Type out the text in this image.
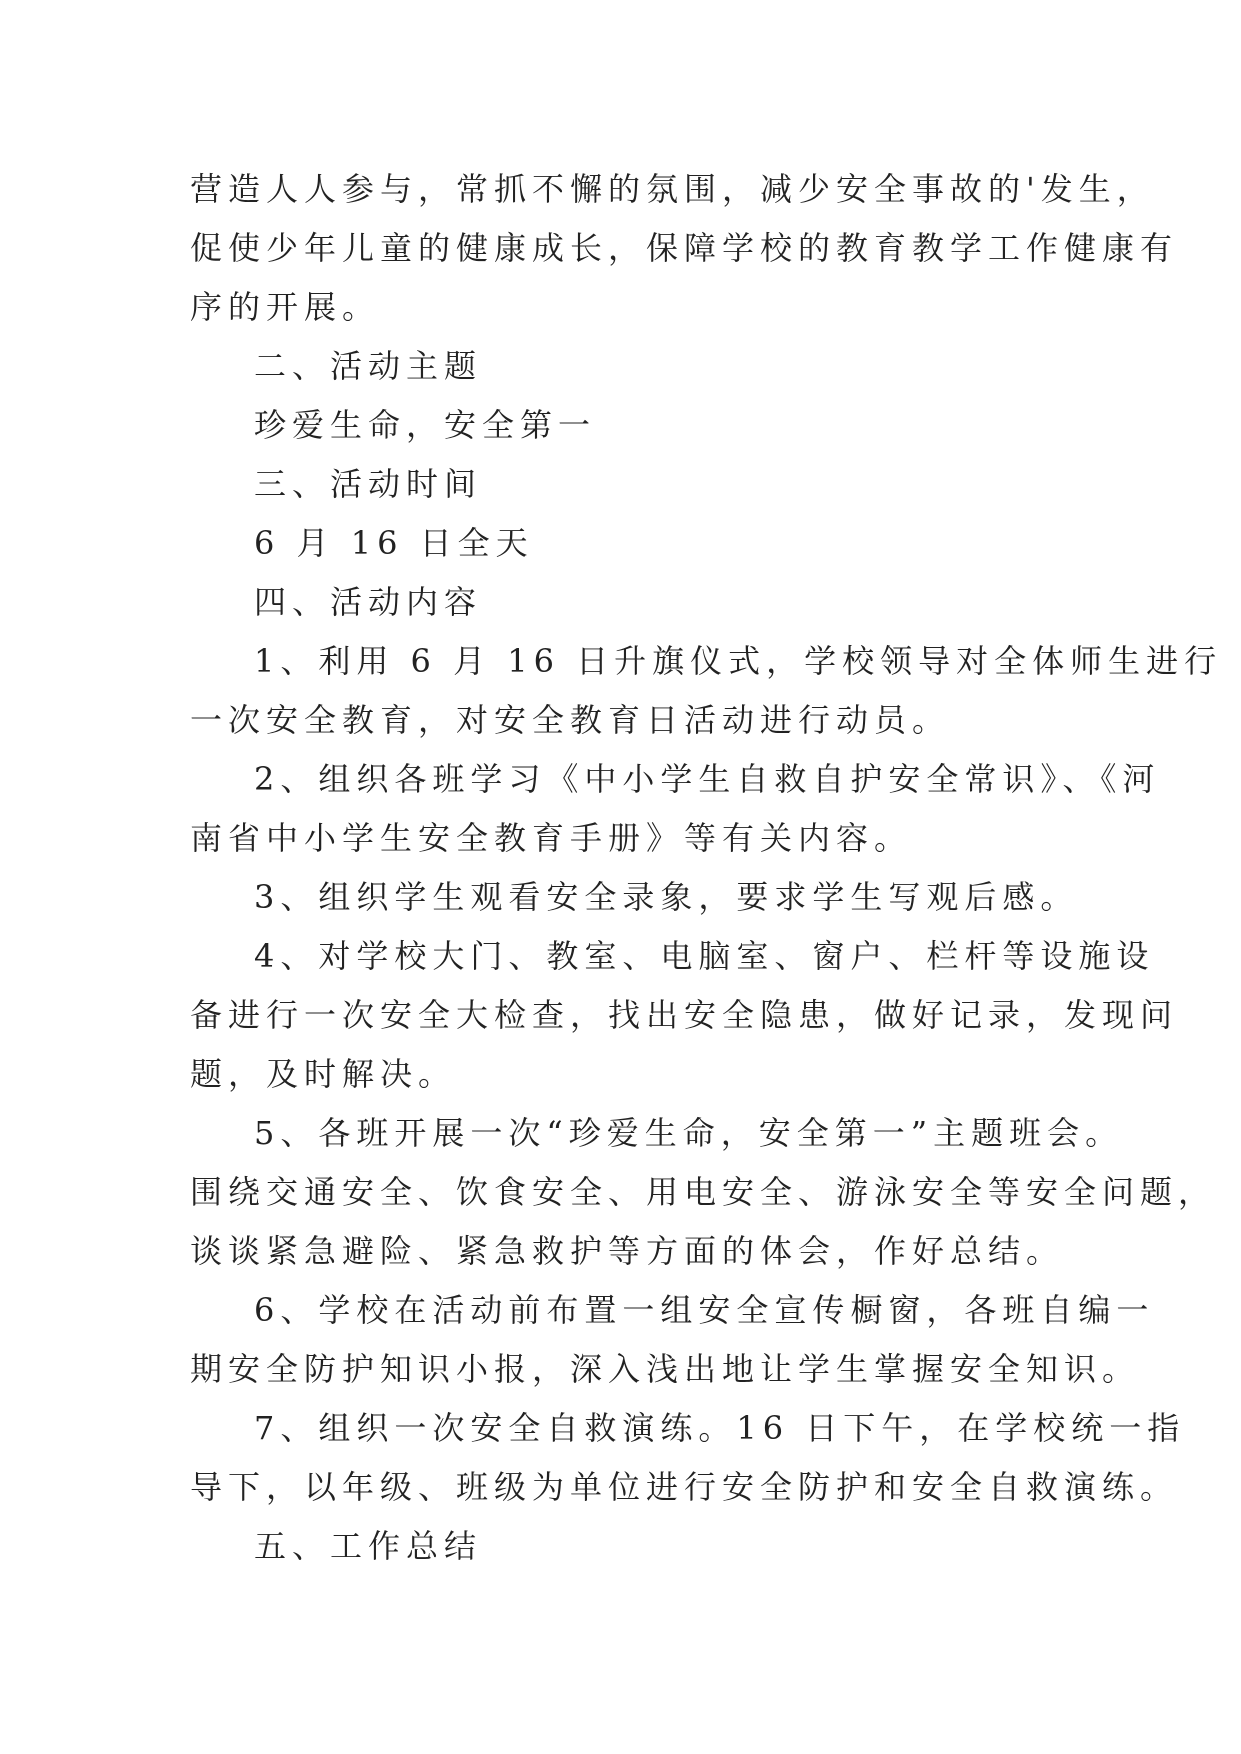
营造人人参与，常抓不懈的氛围，减少安全事故的'发生，
促使少年儿童的健康成长，保障学校的教育教学工作健康有
序的开展。
二、活动主题
珍爱生命，安全第一
三、活动时间
6 月 16 日全天
四、活动内容
1、利用 6 月 16 日升旗仪式，学校领导对全体师生进行
一次安全教育，对安全教育日活动进行动员。
2、组织各班学习《中小学生自救自护安全常识》、《河
南省中小学生安全教育手册》等有关内容。
3、组织学生观看安全录象，要求学生写观后感。
4、对学校大门、教室、电脑室、窗户、栏杆等设施设
备进行一次安全大检查，找出安全隐患，做好记录，发现问
题，及时解决。
5、各班开展一次“珍爱生命，安全第一”主题班会。
围绕交通安全、饮食安全、用电安全、游泳安全等安全问题，
谈谈紧急避险、紧急救护等方面的体会，作好总结。
6、学校在活动前布置一组安全宣传橱窗，各班自编一
期安全防护知识小报，深入浅出地让学生掌握安全知识。
7、组织一次安全自救演练。16 日下午，在学校统一指
导下，以年级、班级为单位进行安全防护和安全自救演练。
五、工作总结
